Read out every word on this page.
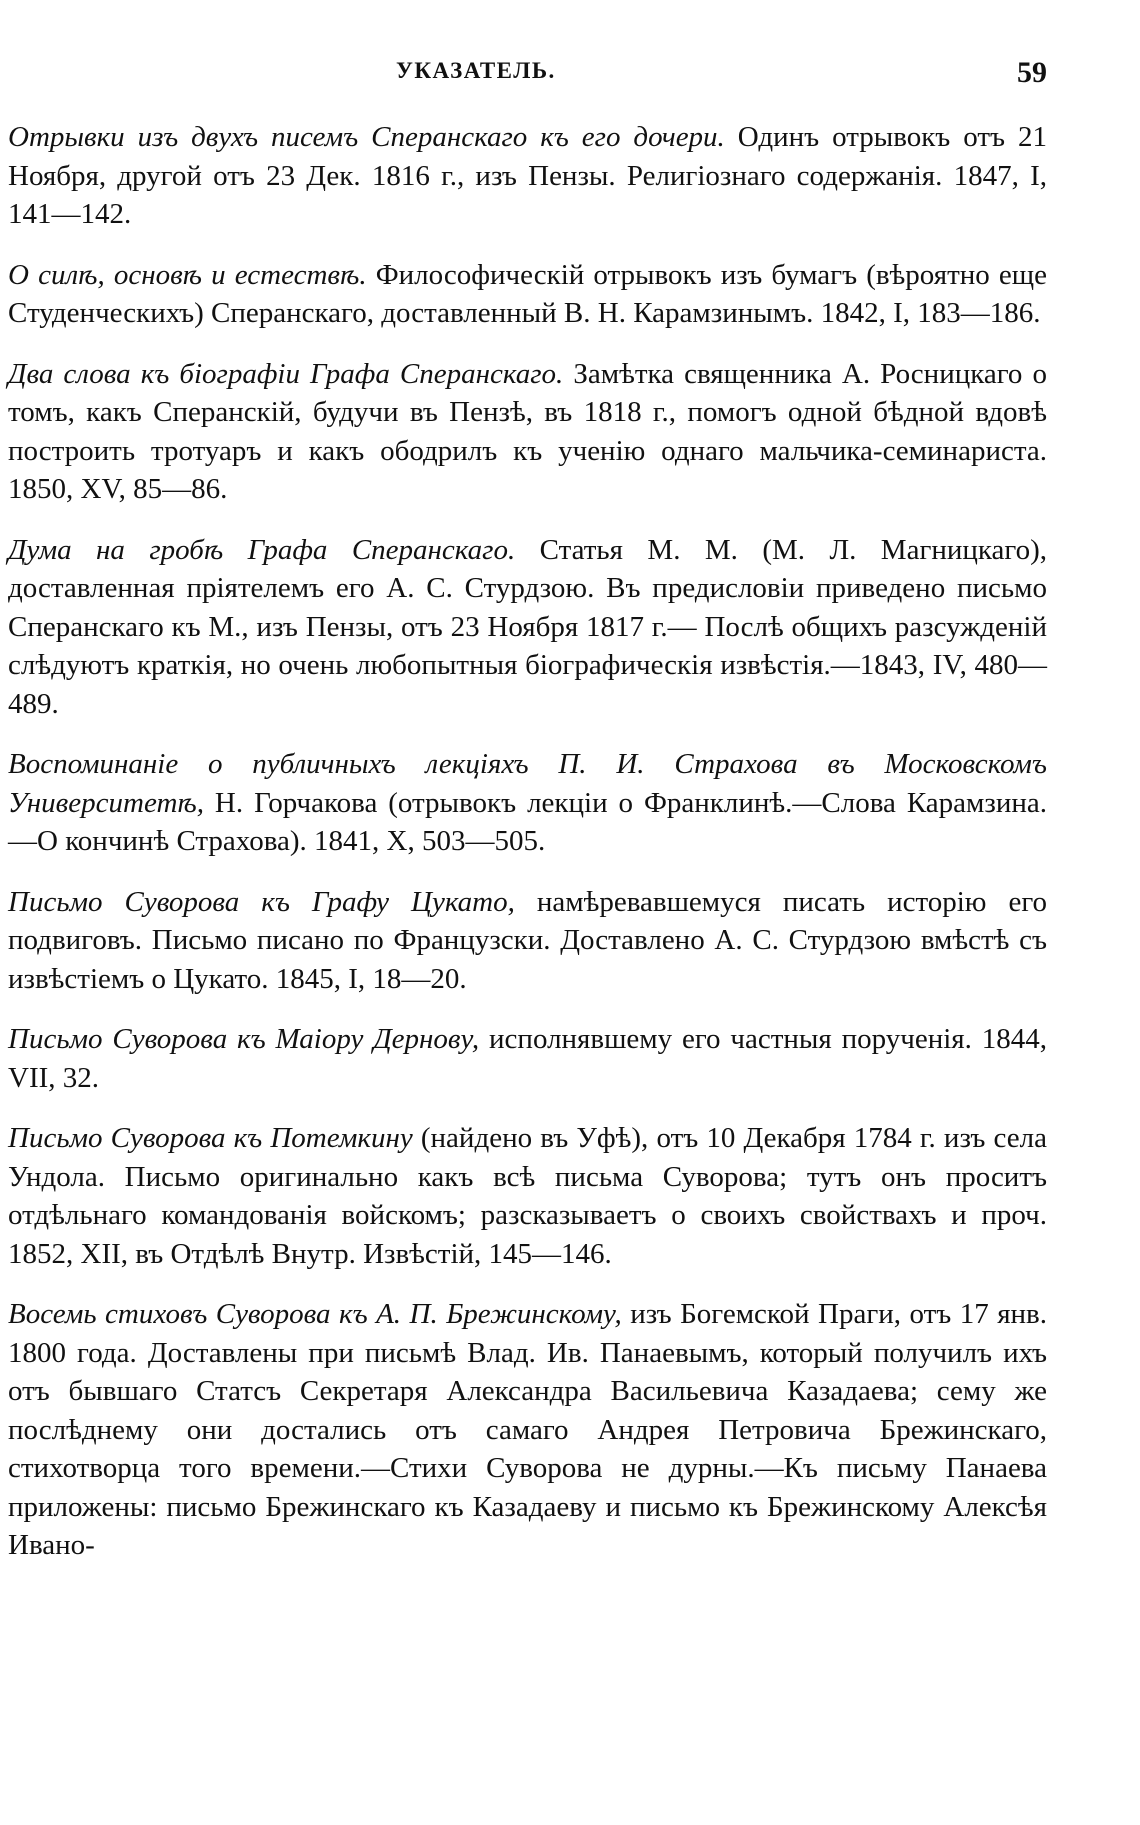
УКАЗАТЕЛЬ.	59

Отрывки изъ двухъ писемъ Сперанскаго къ его дочери. Одинъ отрывокъ отъ 21 Ноября, другой отъ 23 Дек. 1816 г., изъ Пензы. Религіознаго содержанія. 1847, I, 141—142.

О силѣ, основѣ и естествѣ. Философическій отрывокъ изъ бумагъ (вѣроятно еще Студенческихъ) Сперанскаго, доставленный В. Н. Карамзинымъ. 1842, I, 183—186.

Два слова къ біографіи Графа Сперанскаго. Замѣтка священника А. Росницкаго о томъ, какъ Сперанскій, будучи въ Пензѣ, въ 1818 г., помогъ одной бѣдной вдовѣ построить тротуаръ и какъ ободрилъ къ ученію однаго мальчика-семинариста. 1850, XV, 85—86.

Дума на гробѣ Графа Сперанскаго. Статья М. М. (М. Л. Магницкаго), доставленная пріятелемъ его А. С. Стурдзою. Въ предисловіи приведено письмо Сперанскаго къ М., изъ Пензы, отъ 23 Ноября 1817 г.— Послѣ общихъ разсужденій слѣдуютъ краткія, но очень любопытныя біографическія извѣстія.—1843, IV, 480—489.

Воспоминаніе о публичныхъ лекціяхъ П. И. Страхова въ Московскомъ Университетѣ, Н. Горчакова (отрывокъ лекціи о Франклинѣ.—Слова Карамзина.—О кончинѣ Страхова). 1841, X, 503—505.

Письмо Суворова къ Графу Цукато, намѣревавшемуся писать исторію его подвиговъ. Письмо писано по Французски. Доставлено А. С. Стурдзою вмѣстѣ съ извѣстіемъ о Цукато. 1845, I, 18—20.

Письмо Суворова къ Маіору Дернову, исполнявшему его частныя порученія. 1844, VII, 32.

Письмо Суворова къ Потемкину (найдено въ Уфѣ), отъ 10 Декабря 1784 г. изъ села Ундола. Письмо оригинально какъ всѣ письма Суворова; тутъ онъ проситъ отдѣльнаго командованія войскомъ; разсказываетъ о своихъ свойствахъ и проч. 1852, XII, въ Отдѣлѣ Внутр. Извѣстій, 145—146.

Восемь стиховъ Суворова къ А. П. Брежинскому, изъ Богемской Праги, отъ 17 янв. 1800 года. Доставлены при письмѣ Влад. Ив. Панаевымъ, который получилъ ихъ отъ бывшаго Статсъ Секретаря Александра Васильевича Казадаева; сему же послѣднему они достались отъ самаго Андрея Петровича Брежинскаго, стихотворца того времени.—Стихи Суворова не дурны.—Къ письму Панаева приложены: письмо Брежинскаго къ Казадаеву и письмо къ Брежинскому Алексѣя Ивано-
